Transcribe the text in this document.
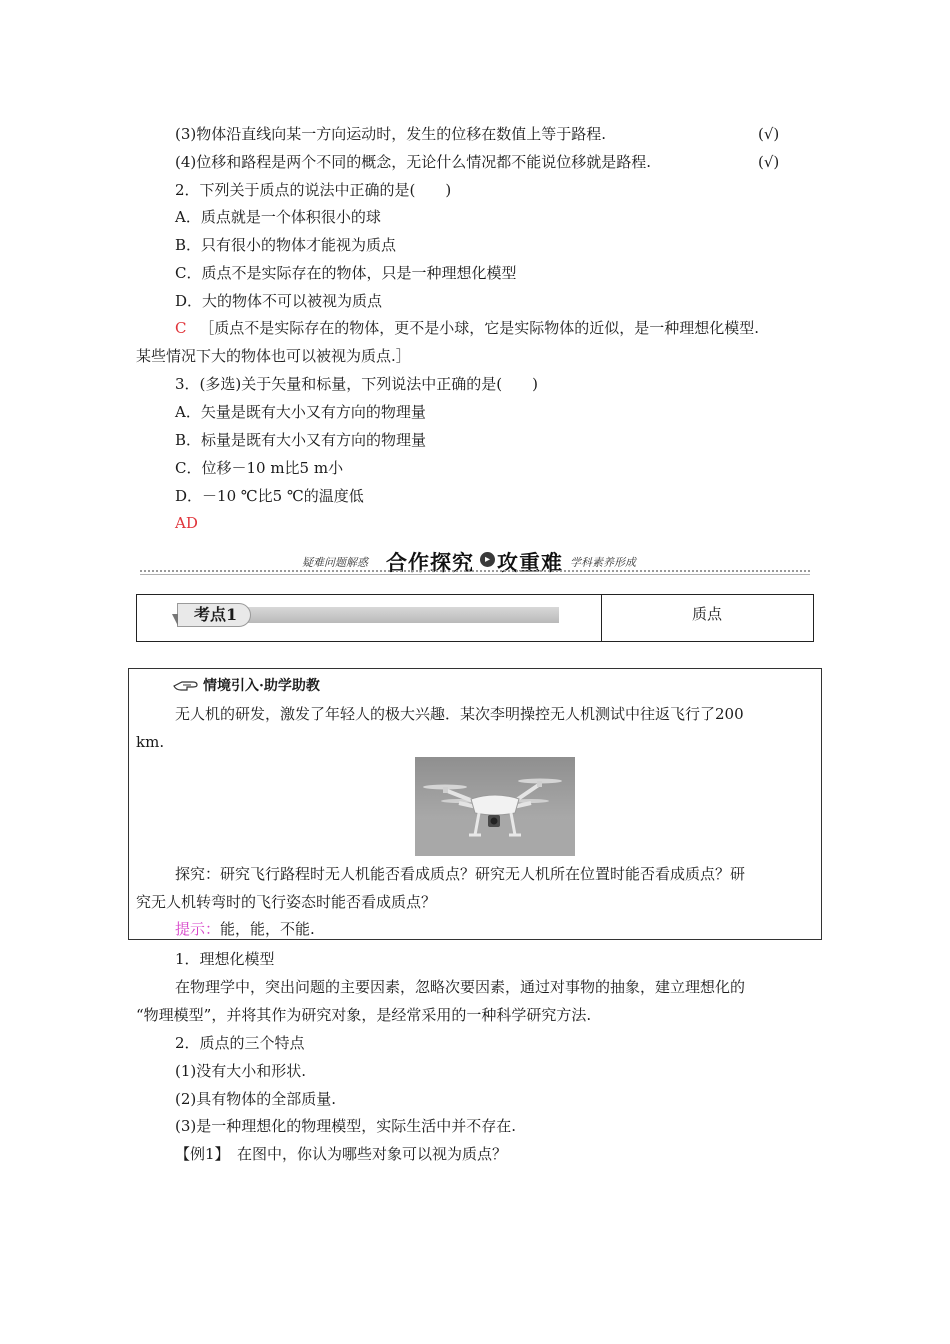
(3)物体沿直线向某一方向运动时，发生的位移在数值上等于路程.	(√)
(4)位移和路程是两个不同的概念，无论什么情况都不能说位移就是路程.	(√)
2．下列关于质点的说法中正确的是(　　)
A．质点就是一个体积很小的球
B．只有很小的物体才能视为质点
C．质点不是实际存在的物体，只是一种理想化模型
D．大的物体不可以被视为质点
C ［质点不是实际存在的物体，更不是小球，它是实际物体的近似，是一种理想化模型.
某些情况下大的物体也可以被视为质点.］
3．(多选)关于矢量和标量，下列说法中正确的是(　　)
A．矢量是既有大小又有方向的物理量
B．标量是既有大小又有方向的物理量
C．位移－10 m比5 m小
D．－10 ℃比5 ℃的温度低
AD
疑难问题解惑 合作探究	▸ 攻重难 学科素养形成
考点1	质点
情境引入·助学助教
无人机的研发，激发了年轻人的极大兴趣．某次李明操控无人机测试中往返飞行了200
km.
探究：研究飞行路程时无人机能否看成质点？研究无人机所在位置时能否看成质点？研
究无人机转弯时的飞行姿态时能否看成质点？
提示：能，能，不能.
1．理想化模型
在物理学中，突出问题的主要因素，忽略次要因素，通过对事物的抽象，建立理想化的
“物理模型”，并将其作为研究对象，是经常采用的一种科学研究方法.
2．质点的三个特点
(1)没有大小和形状.
(2)具有物体的全部质量.
(3)是一种理想化的物理模型，实际生活中并不存在.
【例1】　在图中，你认为哪些对象可以视为质点？
